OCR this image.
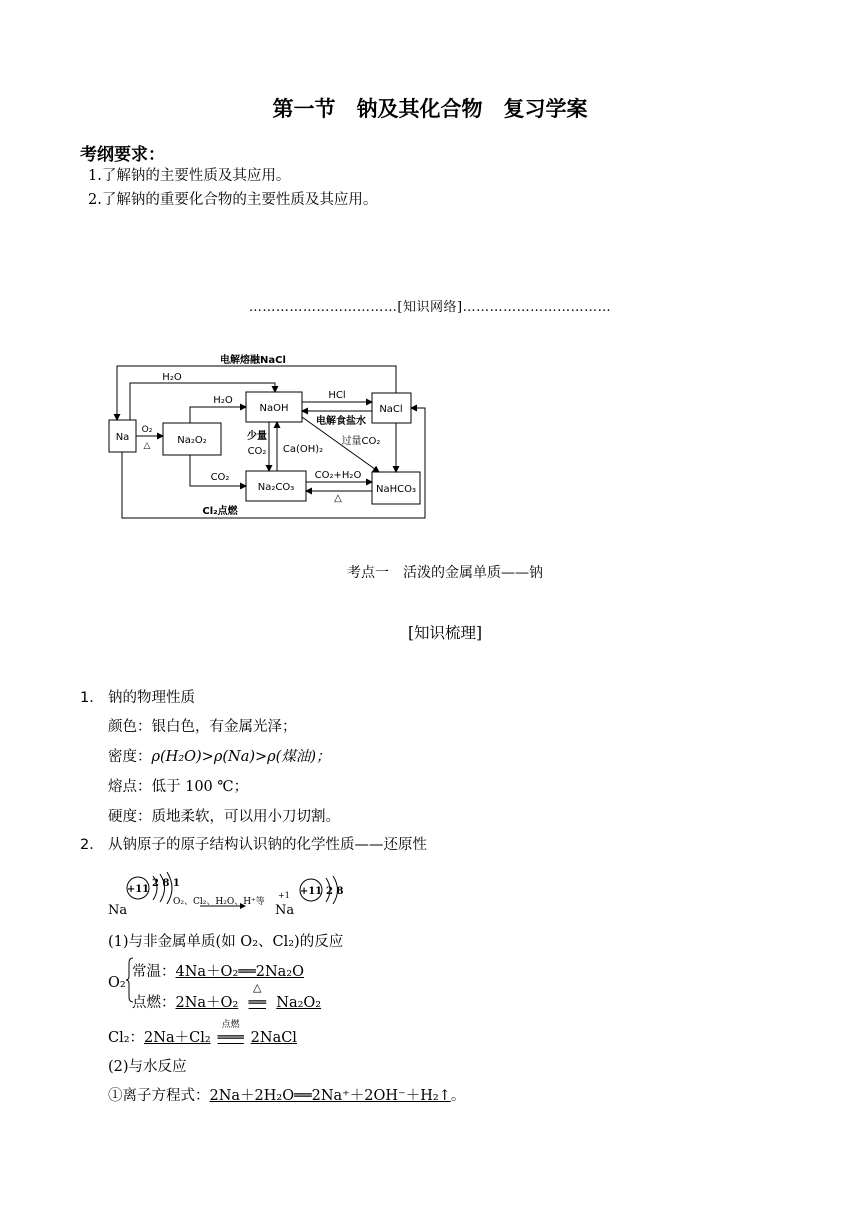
第一节　钠及其化合物　复习学案
考纲要求：
1.了解钠的主要性质及其应用。
2.了解钠的重要化合物的主要性质及其应用。
……………………………[知识网络]……………………………
Na	Na₂O₂
NaOH	NaCl
Na₂CO₃	NaHCO₃
电解熔融NaCl
H₂O
O₂
△
H₂O	HCl
电解食盐水
少量
CO₂ Ca(OH)₂
过量CO₂
CO₂	CO₂+H₂O
△
Cl₂点燃
考点一　活泼的金属单质——钠
[知识梳理]
1． 钠的物理性质
颜色：银白色，有金属光泽；
密度：ρ(H₂O)>ρ(Na)>ρ(煤油)；
熔点：低于 100 ℃；
硬度：质地柔软，可以用小刀切割。
2． 从钠原子的原子结构认识钠的化学性质——还原性
+11
2 8 1
Na
O₂、Cl₂、H₂O、H⁺等
+1 +11 2 8
Na
(1)与非金属单质(如 O₂、Cl₂)的反应
O₂
常温：4Na＋O₂══2Na₂O
点燃：2Na＋O₂
△
══ Na₂O₂
Cl₂：2Na＋Cl₂
点燃
═══ 2NaCl
(2)与水反应
①离子方程式：2Na＋2H₂O══2Na⁺＋2OH⁻＋H₂↑。
